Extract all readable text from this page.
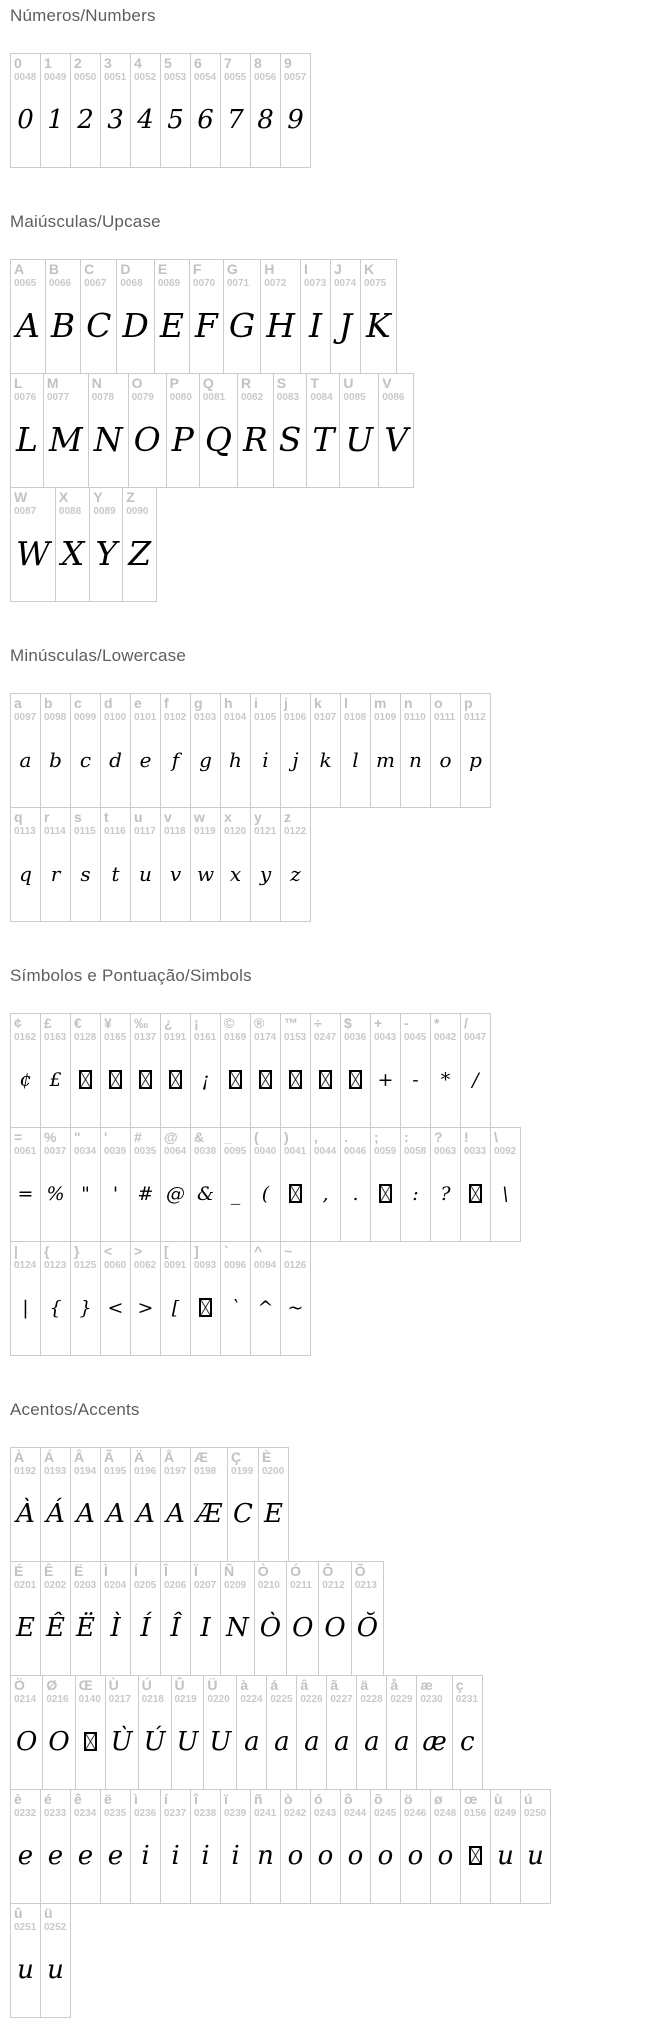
Números/Numbers
0
0048
0
1
0049
1
2
0050
2
3
0051
3
4
0052
4
5
0053
5
6
0054
6
7
0055
7
8
0056
8
9
0057
9
Maiúsculas/Upcase
A
0065
A
B
0066
B
C
0067
C
D
0068
D
E
0069
E
F
0070
F
G
0071
G
H
0072
H
I
0073
I
J
0074
J
K
0075
K
L
0076
L
M
0077
M
N
0078
N
O
0079
O
P
0080
P
Q
0081
Q
R
0082
R
S
0083
S
T
0084
T
U
0085
U
V
0086
V
W
0087
W
X
0088
X
Y
0089
Y
Z
0090
Z
Minúsculas/Lowercase
a
0097
a
b
0098
b
c
0099
c
d
0100
d
e
0101
e
f
0102
f
g
0103
g
h
0104
h
i
0105
i
j
0106
j
k
0107
k
l
0108
l
m
0109
m
n
0110
n
o
0111
o
p
0112
p
q
0113
q
r
0114
r
s
0115
s
t
0116
t
u
0117
u
v
0118
v
w
0119
w
x
0120
x
y
0121
y
z
0122
z
Símbolos e Pontuação/Simbols
¢
0162
¢
£
0163
£
€
0128
¥
0165
‰
0137
¿
0191
¡
0161
¡
©
0169
®
0174
™
0153
÷
0247
$
0036
+
0043
+
-
0045
-
*
0042
*
/
0047
/
=
0061
=
%
0037
%
"
0034
"
'
0039
'
#
0035
#
@
0064
@
&
0038
&
_
0095
_
(
0040
(
)
0041
,
0044
,
.
0046
.
;
0059
:
0058
:
?
0063
?
!
0033
\
0092
\
|
0124
|
{
0123
{
}
0125
}
<
0060
<
>
0062
>
[
0091
[
]
0093
`
0096
`
^
0094
^
~
0126
~
Acentos/Accents
À
0192
À
Á
0193
Á
Â
0194
A
Ã
0195
A
Ä
0196
A
Å
0197
A
Æ
0198
Æ
Ç
0199
C
È
0200
E
É
0201
E
Ê
0202
Ê
Ë
0203
Ë
Ì
0204
Ì
Í
0205
Í
Î
0206
Î
Ï
0207
I
Ñ
0209
N
Ò
0210
Ò
Ó
0211
O
Ô
0212
O
Õ
0213
Ŏ
Ö
0214
O
Ø
0216
O
Œ
0140
Ù
0217
Ù
Ú
0218
Ú
Û
0219
U
Ü
0220
U
à
0224
a
á
0225
a
â
0226
a
ã
0227
a
ä
0228
a
å
0229
a
æ
0230
æ
ç
0231
c
è
0232
e
é
0233
e
ê
0234
e
ë
0235
e
ì
0236
i
í
0237
i
î
0238
i
ï
0239
i
ñ
0241
n
ò
0242
o
ó
0243
o
ô
0244
o
õ
0245
o
ö
0246
o
ø
0248
o
œ
0156
ù
0249
u
ú
0250
u
û
0251
u
ü
0252
u
